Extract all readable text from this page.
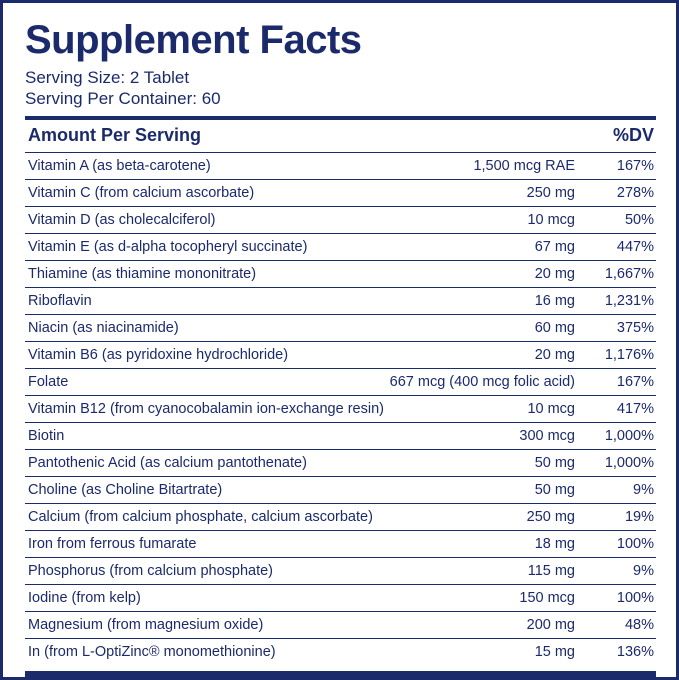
Supplement Facts
Serving Size: 2 Tablet
Serving Per Container: 60
Amount Per Serving	%DV
Vitamin A (as beta-carotene)	1,500 mcg RAE	167%
Vitamin C (from calcium ascorbate)	250 mg	278%
Vitamin D (as cholecalciferol)	10 mcg	50%
Vitamin E (as d-alpha tocopheryl succinate)	67 mg	447%
Thiamine (as thiamine mononitrate)	20 mg	1,667%
Riboflavin	16 mg	1,231%
Niacin (as niacinamide)	60 mg	375%
Vitamin B6 (as pyridoxine hydrochloride)	20 mg	1,176%
Folate	667 mcg (400 mcg folic acid)	167%
Vitamin B12 (from cyanocobalamin ion-exchange resin)	10 mcg	417%
Biotin	300 mcg	1,000%
Pantothenic Acid (as calcium pantothenate)	50 mg	1,000%
Choline (as Choline Bitartrate)	50 mg	9%
Calcium (from calcium phosphate, calcium ascorbate)	250 mg	19%
Iron from ferrous fumarate	18 mg	100%
Phosphorus (from calcium phosphate)	115 mg	9%
Iodine (from kelp)	150 mcg	100%
Magnesium (from magnesium oxide)	200 mg	48%
In (from L-OptiZinc® monomethionine)	15 mg	136%
